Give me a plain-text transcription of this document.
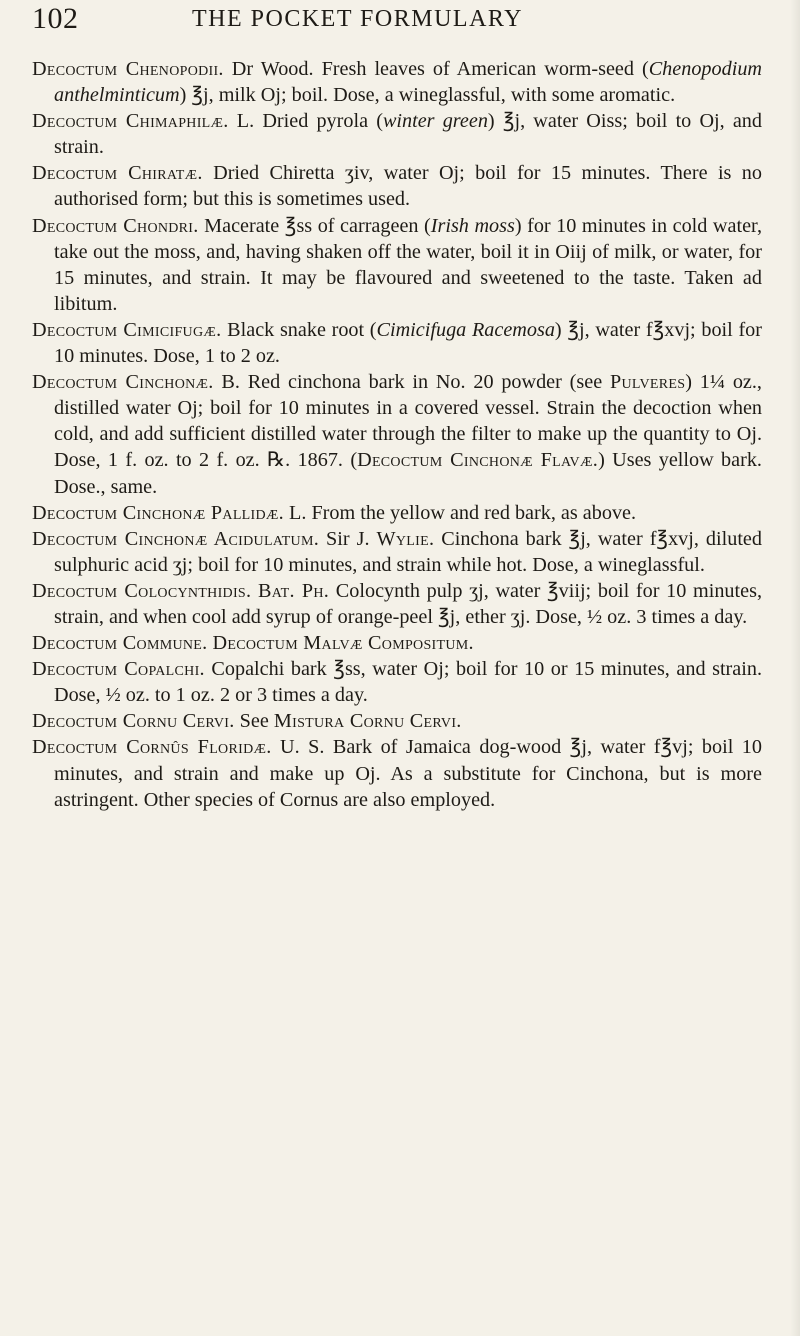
102	THE POCKET FORMULARY

Decoctum Chenopodii. Dr Wood. Fresh leaves of American worm-seed (Chenopodium anthelminticum) ℥j, milk Oj; boil. Dose, a wineglassful, with some aromatic.

Decoctum Chimaphilæ. L. Dried pyrola (winter green) ℥j, water Oiss; boil to Oj, and strain.

Decoctum Chiratæ. Dried Chiretta ʒiv, water Oj; boil for 15 minutes. There is no authorised form; but this is sometimes used.

Decoctum Chondri. Macerate ℥ss of carrageen (Irish moss) for 10 minutes in cold water, take out the moss, and, having shaken off the water, boil it in Oiij of milk, or water, for 15 minutes, and strain. It may be flavoured and sweetened to the taste. Taken ad libitum.

Decoctum Cimicifugæ. Black snake root (Cimicifuga Racemosa) ℥j, water f℥xvj; boil for 10 minutes. Dose, 1 to 2 oz.

Decoctum Cinchonæ. B. Red cinchona bark in No. 20 powder (see Pulveres) 1¼ oz., distilled water Oj; boil for 10 minutes in a covered vessel. Strain the decoction when cold, and add sufficient distilled water through the filter to make up the quantity to Oj. Dose, 1 f. oz. to 2 f. oz. ℞. 1867. (Decoctum Cinchonæ Flavæ.) Uses yellow bark. Dose., same.

Decoctum Cinchonæ Pallidæ. L. From the yellow and red bark, as above.

Decoctum Cinchonæ Acidulatum. Sir J. Wylie. Cinchona bark ℥j, water f℥xvj, diluted sulphuric acid ʒj; boil for 10 minutes, and strain while hot. Dose, a wineglassful.

Decoctum Colocynthidis. Bat. Ph. Colocynth pulp ʒj, water ℥viij; boil for 10 minutes, strain, and when cool add syrup of orange-peel ℥j, ether ʒj. Dose, ½ oz. 3 times a day.

Decoctum Commune. Decoctum Malvæ Compositum.

Decoctum Copalchi. Copalchi bark ℥ss, water Oj; boil for 10 or 15 minutes, and strain. Dose, ½ oz. to 1 oz. 2 or 3 times a day.

Decoctum Cornu Cervi. See Mistura Cornu Cervi.

Decoctum Cornûs Floridæ. U. S. Bark of Jamaica dog-wood ℥j, water f℥vj; boil 10 minutes, and strain and make up Oj. As a substitute for Cinchona, but is more astringent. Other species of Cornus are also employed.
